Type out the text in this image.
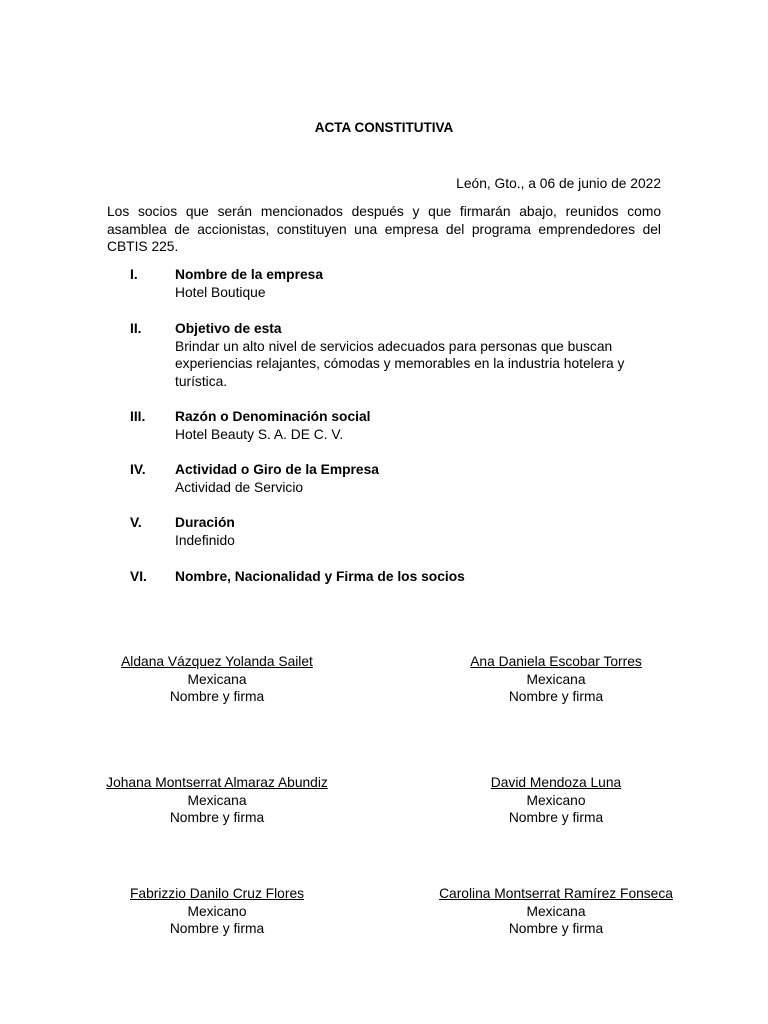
ACTA CONSTITUTIVA
León, Gto., a 06 de junio de 2022
Los socios que serán mencionados después y que firmarán abajo, reunidos como asamblea de accionistas, constituyen una empresa del programa emprendedores del CBTIS 225.
I.	Nombre de la empresa
Hotel Boutique
II. Objetivo de esta
Brindar un alto nivel de servicios adecuados para personas que buscan experiencias relajantes, cómodas y memorables en la industria hotelera y turística.
III. Razón o Denominación social
Hotel Beauty S. A. DE C. V.
IV. Actividad o Giro de la Empresa
Actividad de Servicio
V. Duración
Indefinido
VI. Nombre, Nacionalidad y Firma de los socios
Aldana Vázquez Yolanda Sailet
Mexicana
Nombre y firma
Ana Daniela Escobar Torres
Mexicana
Nombre y firma
Johana Montserrat Almaraz Abundiz
Mexicana
Nombre y firma
David Mendoza Luna
Mexicano
Nombre y firma
Fabrizzio Danilo Cruz Flores
Mexicano
Nombre y firma
Carolina Montserrat Ramírez Fonseca
Mexicana
Nombre y firma
